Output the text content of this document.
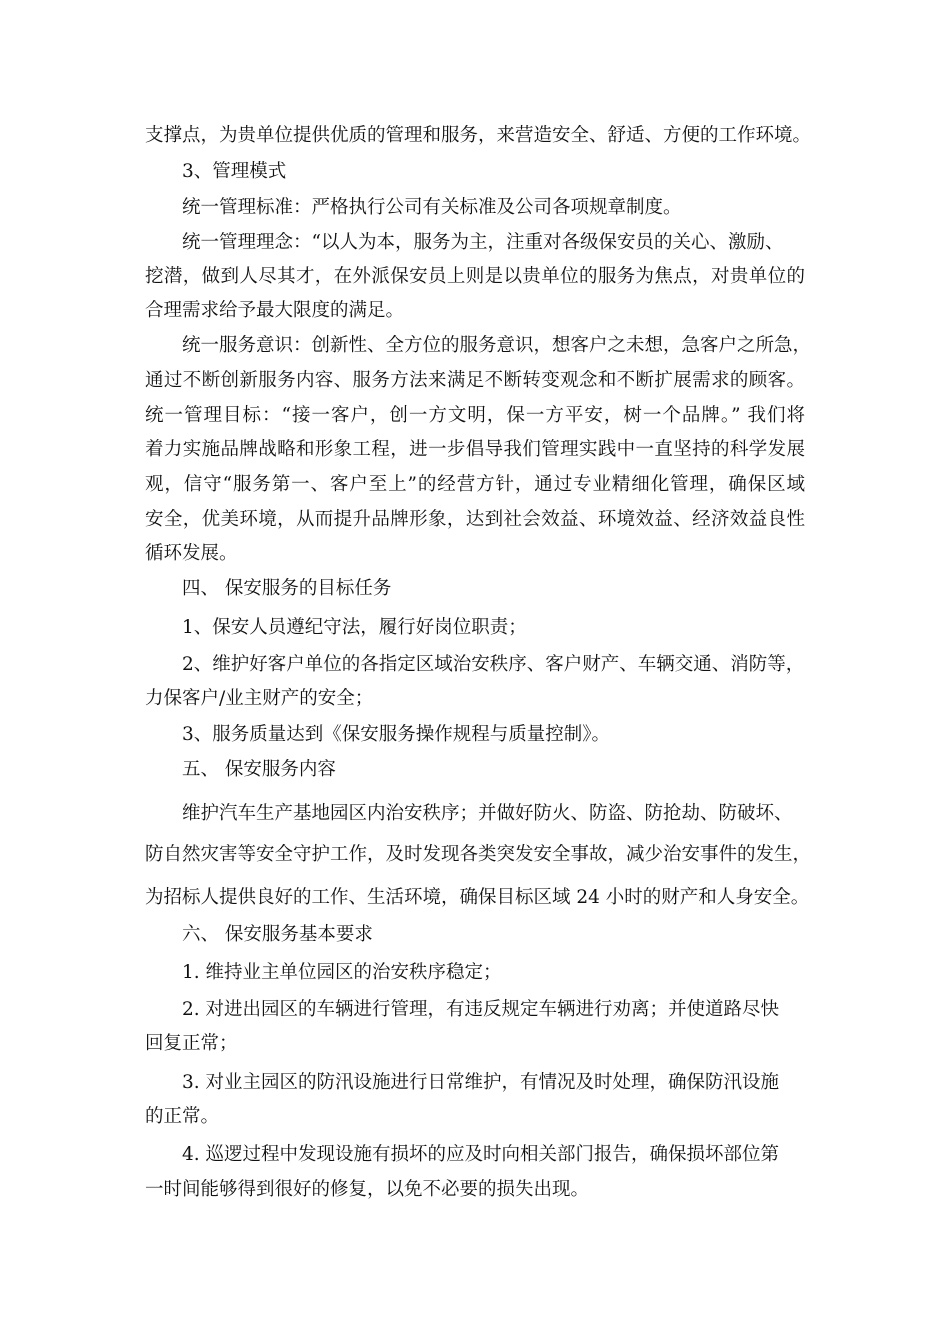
支撑点，为贵单位提供优质的管理和服务，来营造安全、舒适、方便的工作环境。
3、管理模式
统一管理标准：严格执行公司有关标准及公司各项规章制度。
统一管理理念：“以人为本，服务为主，注重对各级保安员的关心、激励、
挖潜，做到人尽其才，在外派保安员上则是以贵单位的服务为焦点，对贵单位的
合理需求给予最大限度的满足。
统一服务意识：创新性、全方位的服务意识，想客户之未想，急客户之所急，
通过不断创新服务内容、服务方法来满足不断转变观念和不断扩展需求的顾客。
统一管理目标：“接一客户，创一方文明，保一方平安，树一个品牌。” 我们将
着力实施品牌战略和形象工程，进一步倡导我们管理实践中一直坚持的科学发展
观，信守“服务第一、客户至上”的经营方针，通过专业精细化管理，确保区域
安全，优美环境，从而提升品牌形象，达到社会效益、环境效益、经济效益良性
循环发展。
四、 保安服务的目标任务
1、保安人员遵纪守法，履行好岗位职责；
2、维护好客户单位的各指定区域治安秩序、客户财产、车辆交通、消防等，
力保客户/业主财产的安全；
3、服务质量达到《保安服务操作规程与质量控制》。
五、 保安服务内容
维护汽车生产基地园区内治安秩序；并做好防火、防盗、防抢劫、防破坏、
防自然灾害等安全守护工作，及时发现各类突发安全事故，减少治安事件的发生，
为招标人提供良好的工作、生活环境，确保目标区域 24 小时的财产和人身安全。
六、 保安服务基本要求
1. 维持业主单位园区的治安秩序稳定；
2. 对进出园区的车辆进行管理，有违反规定车辆进行劝离；并使道路尽快
回复正常；
3. 对业主园区的防汛设施进行日常维护，有情况及时处理，确保防汛设施
的正常。
4. 巡逻过程中发现设施有损坏的应及时向相关部门报告，确保损坏部位第
一时间能够得到很好的修复，以免不必要的损失出现。
